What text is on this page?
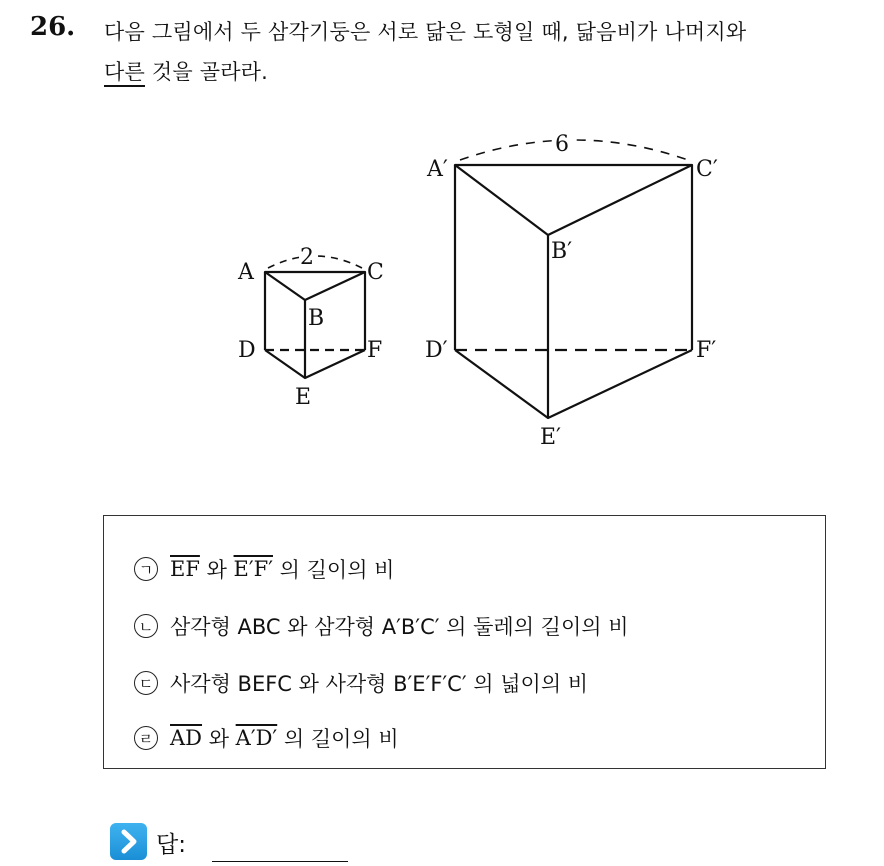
26. 다음 그림에서 두 삼각기둥은 서로 닮은 도형일 때, 닮음비가 나머지와
다른 것을 골라라.
2
6
A
B
C
D
E
F
A′
B′
C′
D′
E′
F′
ㄱ $\overline{EF}$ 와 E′F′ 의 길이의 비
ㄴ 삼각형 ABC 와 삼각형 A′B′C′ 의 둘레의 길이의 비
ㄷ 사각형 BEFC 와 사각형 B′E′F′C′ 의 넓이의 비
ㄹ $\overline{AD}$ 와 A′D′ 의 길이의 비
답:
